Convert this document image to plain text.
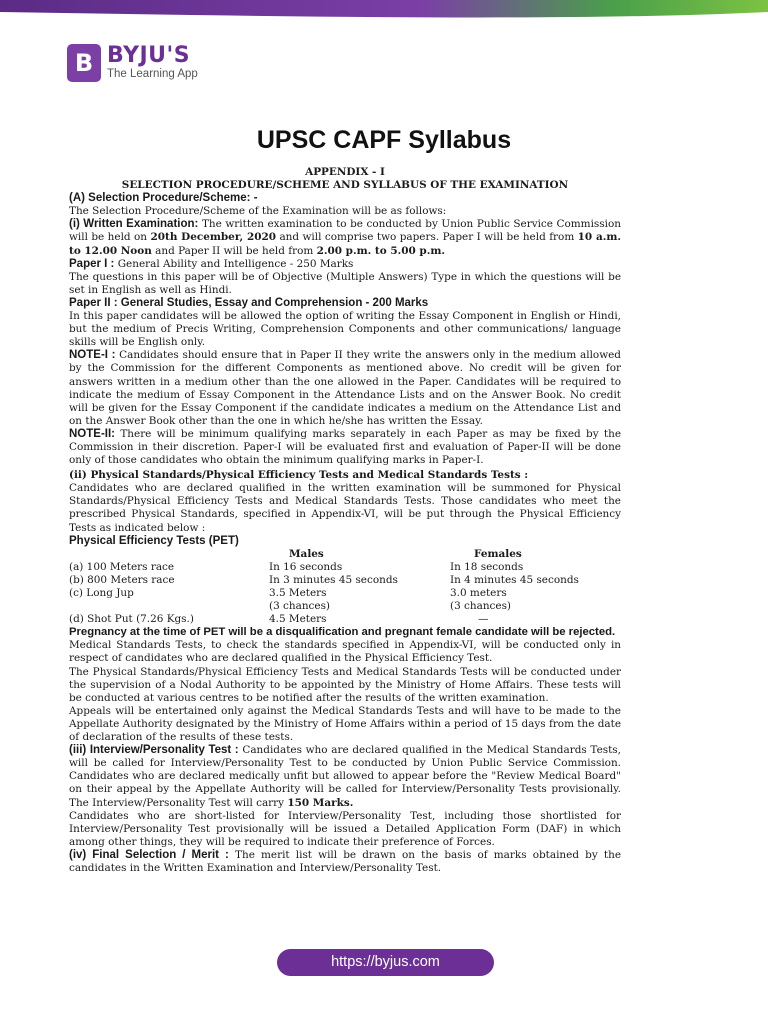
B BYJU'S
The Learning App
UPSC CAPF Syllabus
APPENDIX - I
SELECTION PROCEDURE/SCHEME AND SYLLABUS OF THE EXAMINATION
(A) Selection Procedure/Scheme: -

The Selection Procedure/Scheme of the Examination will be as follows:

(i) Written Examination: The written examination to be conducted by Union Public Service Commission will be held on 20th December, 2020 and will comprise two papers. Paper I will be held from 10 a.m. to 12.00 Noon and Paper II will be held from 2.00 p.m. to 5.00 p.m.

Paper I : General Ability and Intelligence - 250 Marks

The questions in this paper will be of Objective (Multiple Answers) Type in which the questions will be set in English as well as Hindi.

Paper II : General Studies, Essay and Comprehension - 200 Marks

In this paper candidates will be allowed the option of writing the Essay Component in English or Hindi, but the medium of Precis Writing, Comprehension Components and other communications/ language skills will be English only.

NOTE-I : Candidates should ensure that in Paper II they write the answers only in the medium allowed by the Commission for the different Components as mentioned above. No credit will be given for answers written in a medium other than the one allowed in the Paper. Candidates will be required to indicate the medium of Essay Component in the Attendance Lists and on the Answer Book. No credit will be given for the Essay Component if the candidate indicates a medium on the Attendance List and on the Answer Book other than the one in which he/she has written the Essay.

NOTE-II: There will be minimum qualifying marks separately in each Paper as may be fixed by the Commission in their discretion. Paper-I will be evaluated first and evaluation of Paper-II will be done only of those candidates who obtain the minimum qualifying marks in Paper-I.

(ii) Physical Standards/Physical Efficiency Tests and Medical Standards Tests :

Candidates who are declared qualified in the written examination will be summoned for Physical Standards/Physical Efficiency Tests and Medical Standards Tests. Those candidates who meet the prescribed Physical Standards, specified in Appendix-VI, will be put through the Physical Efficiency Tests as indicated below :

Physical Efficiency Tests (PET)
	Males	Females
(a) 100 Meters race	In 16 seconds	In 18 seconds
(b) 800 Meters race	In 3 minutes 45 seconds	In 4 minutes 45 seconds
(c) Long Jup	3.5 Meters	3.0 meters
	(3 chances)	(3 chances)
(d) Shot Put (7.26 Kgs.)	4.5 Meters	—

Pregnancy at the time of PET will be a disqualification and pregnant female candidate will be rejected.

Medical Standards Tests, to check the standards specified in Appendix-VI, will be conducted only in respect of candidates who are declared qualified in the Physical Efficiency Test.

The Physical Standards/Physical Efficiency Tests and Medical Standards Tests will be conducted under the supervision of a Nodal Authority to be appointed by the Ministry of Home Affairs. These tests will be conducted at various centres to be notified after the results of the written examination.

Appeals will be entertained only against the Medical Standards Tests and will have to be made to the Appellate Authority designated by the Ministry of Home Affairs within a period of 15 days from the date of declaration of the results of these tests.

(iii) Interview/Personality Test : Candidates who are declared qualified in the Medical Standards Tests, will be called for Interview/Personality Test to be conducted by Union Public Service Commission. Candidates who are declared medically unfit but allowed to appear before the "Review Medical Board" on their appeal by the Appellate Authority will be called for Interview/Personality Tests provisionally. The Interview/Personality Test will carry 150 Marks.

Candidates who are short-listed for Interview/Personality Test, including those shortlisted for Interview/Personality Test provisionally will be issued a Detailed Application Form (DAF) in which among other things, they will be required to indicate their preference of Forces.

(iv) Final Selection / Merit : The merit list will be drawn on the basis of marks obtained by the candidates in the Written Examination and Interview/Personality Test.

https://byjus.com
